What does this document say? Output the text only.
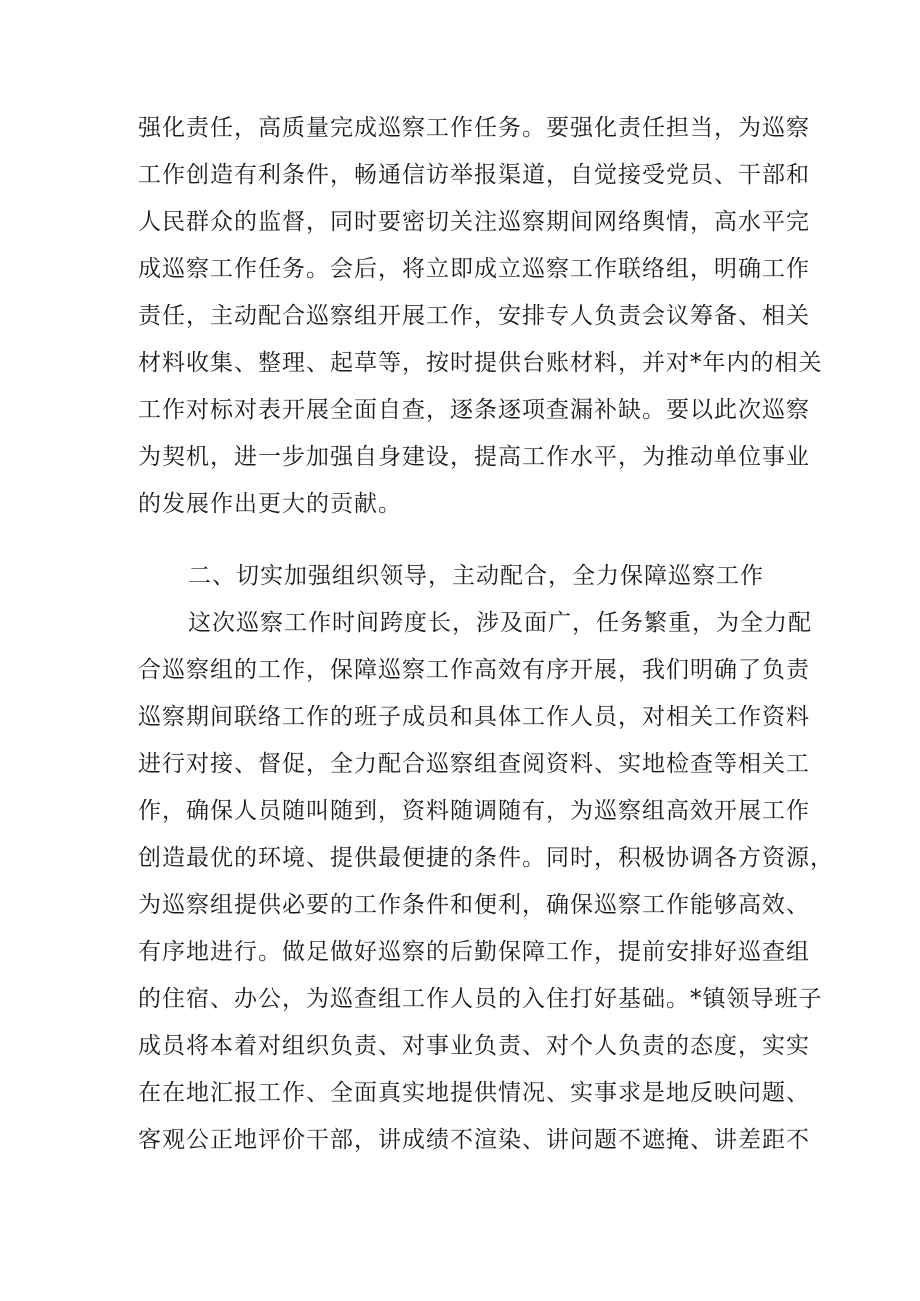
强化责任，高质量完成巡察工作任务。要强化责任担当，为巡察
工作创造有利条件，畅通信访举报渠道，自觉接受党员、干部和
人民群众的监督，同时要密切关注巡察期间网络舆情，高水平完
成巡察工作任务。会后，将立即成立巡察工作联络组，明确工作
责任，主动配合巡察组开展工作，安排专人负责会议筹备、相关
材料收集、整理、起草等，按时提供台账材料，并对*年内的相关
工作对标对表开展全面自查，逐条逐项查漏补缺。要以此次巡察
为契机，进一步加强自身建设，提高工作水平，为推动单位事业
的发展作出更大的贡献。
二、切实加强组织领导，主动配合，全力保障巡察工作
这次巡察工作时间跨度长，涉及面广，任务繁重，为全力配
合巡察组的工作，保障巡察工作高效有序开展，我们明确了负责
巡察期间联络工作的班子成员和具体工作人员，对相关工作资料
进行对接、督促，全力配合巡察组查阅资料、实地检查等相关工
作，确保人员随叫随到，资料随调随有，为巡察组高效开展工作
创造最优的环境、提供最便捷的条件。同时，积极协调各方资源，
为巡察组提供必要的工作条件和便利，确保巡察工作能够高效、
有序地进行。做足做好巡察的后勤保障工作，提前安排好巡查组
的住宿、办公，为巡查组工作人员的入住打好基础。*镇领导班子
成员将本着对组织负责、对事业负责、对个人负责的态度，实实
在在地汇报工作、全面真实地提供情况、实事求是地反映问题、
客观公正地评价干部，讲成绩不渲染、讲问题不遮掩、讲差距不
